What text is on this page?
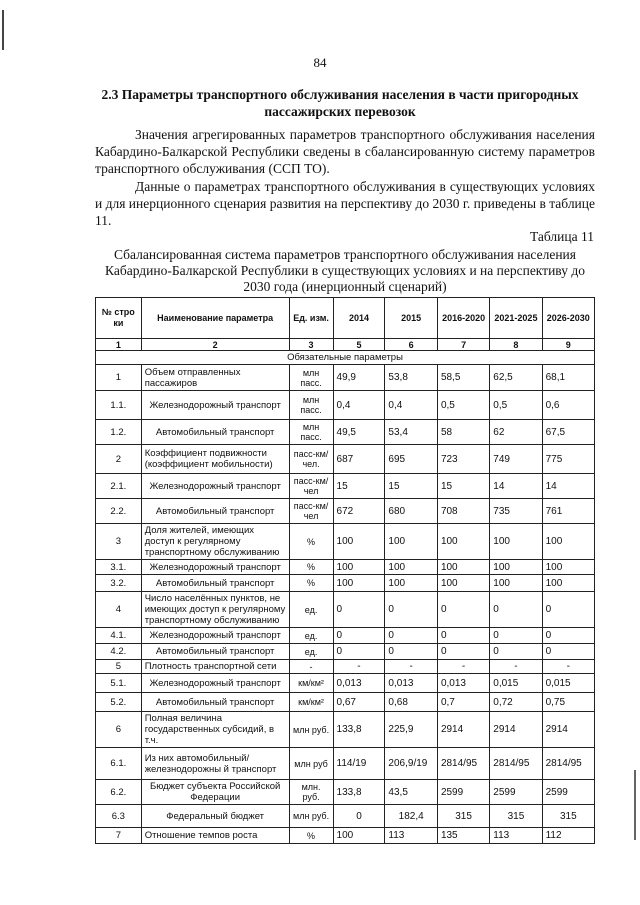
84
2.3 Параметры транспортного обслуживания населения в части пригородных пассажирских перевозок
Значения агрегированных параметров транспортного обслуживания населения Кабардино-Балкарской Республики сведены в сбалансированную систему параметров транспортного обслуживания (ССП ТО).
Данные о параметрах транспортного обслуживания в существующих условиях и для инерционного сценария развития на перспективу до 2030 г. приведены в таблице 11.
Таблица 11
Сбалансированная система параметров транспортного обслуживания населения Кабардино-Балкарской Республики в существующих условиях и на перспективу до 2030 года (инерционный сценарий)
№ стро ки	Наименование параметра	Ед. изм.	2014	2015	2016-2020	2021-2025	2026-2030
1	2	3	5	6	7	8	9
Обязательные параметры							
1	Объем отправленных пассажиров	млн пасс.	49,9	53,8	58,5	62,5	68,1
1.1.	Железнодорожный транспорт	млн пасс.	0,4	0,4	0,5	0,5	0,6
1.2.	Автомобильный транспорт	млн пасс.	49,5	53,4	58	62	67,5
2	Коэффициент подвижности (коэффициент мобильности)	пасс-км/чел.	687	695	723	749	775
2.1.	Железнодорожный транспорт	пасс-км/чел	15	15	15	14	14
2.2.	Автомобильный транспорт	пасс-км/чел	672	680	708	735	761
3	Доля жителей, имеющих доступ к регулярному транспортному обслуживанию	%	100	100	100	100	100
3.1.	Железнодорожный транспорт	%	100	100	100	100	100
3.2.	Автомобильный транспорт	%	100	100	100	100	100
4	Число населённых пунктов, не имеющих доступ к регулярному транспортному обслуживанию	ед.	0	0	0	0	0
4.1.	Железнодорожный транспорт	ед.	0	0	0	0	0
4.2.	Автомобильный транспорт	ед.	0	0	0	0	0
5	Плотность транспортной сети	-	-	-	-	-	-
5.1.	Железнодорожный транспорт	км/км²	0,013	0,013	0,013	0,015	0,015
5.2.	Автомобильный транспорт	км/км²	0,67	0,68	0,7	0,72	0,75
6	Полная величина государственных субсидий, в т.ч.	млн руб.	133,8	225,9	2914	2914	2914
6.1.	Из них автомобильный/железнодорожны й транспорт	млн руб	114/19	206,9/19	2814/95	2814/95	2814/95
6.2.	Бюджет субъекта Российской Федерации	млн. руб.	133,8	43,5	2599	2599	2599
6.3	Федеральный бюджет	млн руб.	0	182,4	315	315	315
7	Отношение темпов роста	%	100	113	135	113	112
